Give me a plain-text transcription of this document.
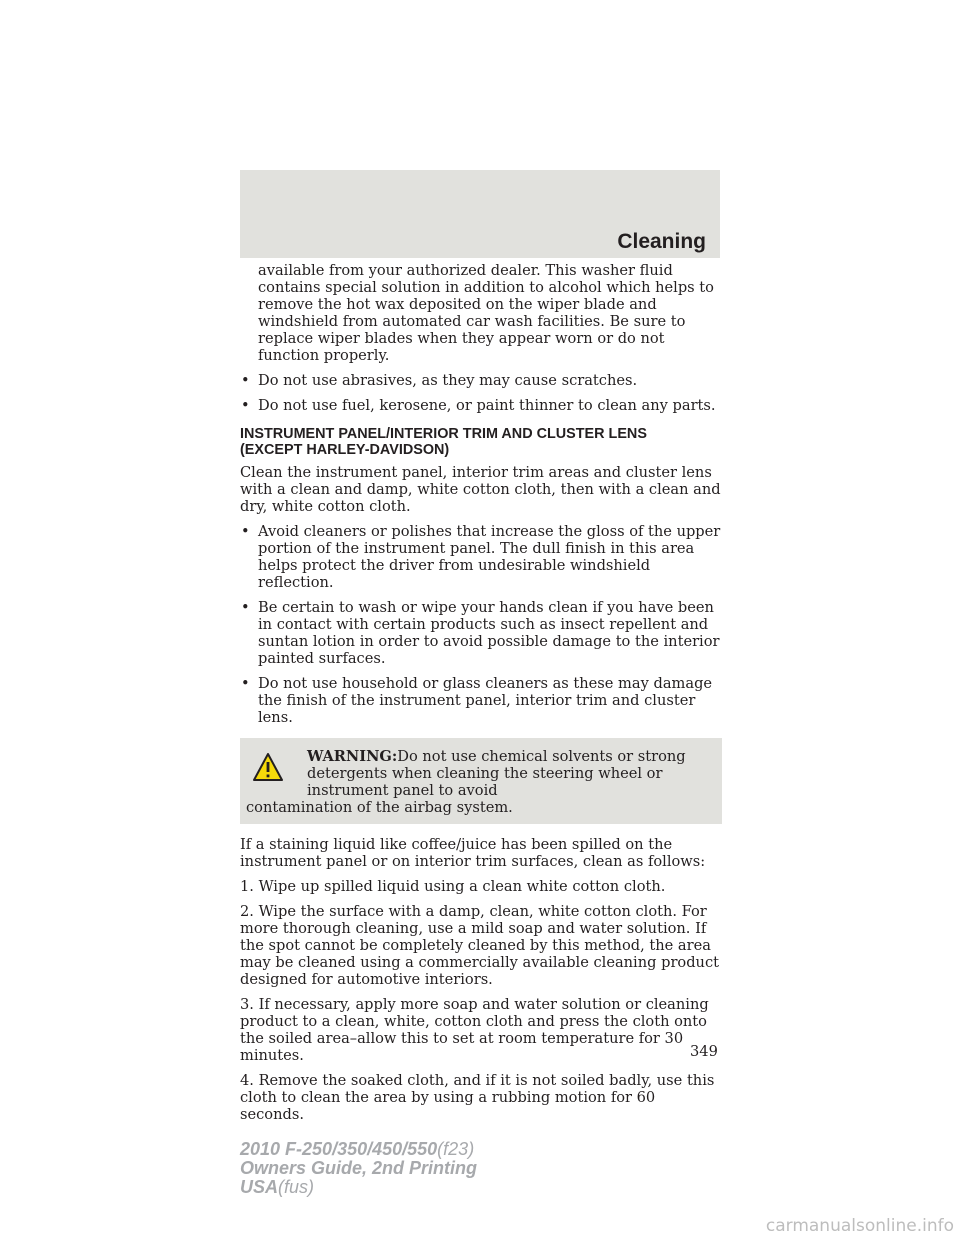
Cleaning

available from your authorized dealer. This washer fluid contains special solution in addition to alcohol which helps to remove the hot wax deposited on the wiper blade and windshield from automated car wash facilities. Be sure to replace wiper blades when they appear worn or do not function properly.

• Do not use abrasives, as they may cause scratches.
• Do not use fuel, kerosene, or paint thinner to clean any parts.
INSTRUMENT PANEL/INTERIOR TRIM AND CLUSTER LENS
(EXCEPT HARLEY-DAVIDSON)

Clean the instrument panel, interior trim areas and cluster lens with a clean and damp, white cotton cloth, then with a clean and dry, white cotton cloth.

• Avoid cleaners or polishes that increase the gloss of the upper portion of the instrument panel. The dull finish in this area helps protect the driver from undesirable windshield reflection.
• Be certain to wash or wipe your hands clean if you have been in contact with certain products such as insect repellent and suntan lotion in order to avoid possible damage to the interior painted surfaces.
• Do not use household or glass cleaners as these may damage the finish of the instrument panel, interior trim and cluster lens.
WARNING:Do not use chemical solvents or strong detergents when cleaning the steering wheel or instrument panel to avoid
contamination of the airbag system.

If a staining liquid like coffee/juice has been spilled on the instrument panel or on interior trim surfaces, clean as follows:

1. Wipe up spilled liquid using a clean white cotton cloth.

2. Wipe the surface with a damp, clean, white cotton cloth. For more thorough cleaning, use a mild soap and water solution. If the spot cannot be completely cleaned by this method, the area may be cleaned using a commercially available cleaning product designed for automotive interiors.

3. If necessary, apply more soap and water solution or cleaning product to a clean, white, cotton cloth and press the cloth onto the soiled area–allow this to set at room temperature for 30 minutes.

4. Remove the soaked cloth, and if it is not soiled badly, use this cloth to clean the area by using a rubbing motion for 60 seconds.

349
2010 F-250/350/450/550(f23)
Owners Guide, 2nd Printing
USA(fus)
carmanualsonline.info
